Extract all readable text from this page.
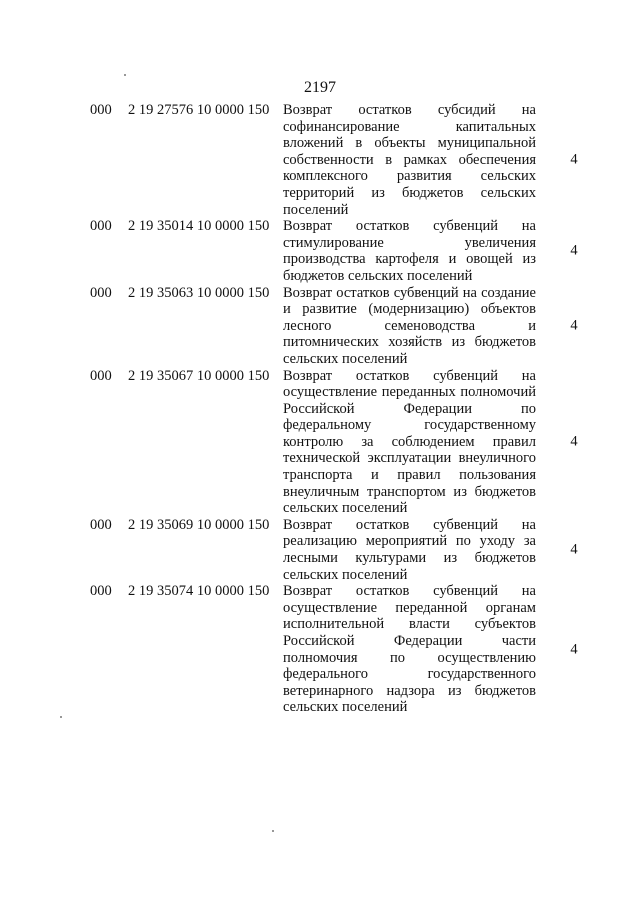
2197
000	2 19 27576 10 0000 150 Возврат остатков субсидий на софинансирование капитальных вложений в объекты муниципальной собственности в рамках обеспечения комплексного развития сельских территорий из бюджетов сельских поселений
4
000	2 19 35014 10 0000 150 Возврат остатков субвенций на стимулирование увеличения производства картофеля и овощей из бюджетов сельских поселений
4
000	2 19 35063 10 0000 150 Возврат остатков субвенций на создание и развитие (модернизацию) объектов лесного семеноводства и питомнических хозяйств из бюджетов сельских поселений
4
000	2 19 35067 10 0000 150 Возврат остатков субвенций на осуществление переданных полномочий Российской Федерации по федеральному государственному контролю за соблюдением правил технической эксплуатации внеуличного транспорта и правил пользования внеуличным транспортом из бюджетов сельских поселений
4
000	2 19 35069 10 0000 150 Возврат остатков субвенций на реализацию мероприятий по уходу за лесными культурами из бюджетов сельских поселений
4
000	2 19 35074 10 0000 150 Возврат остатков субвенций на осуществление переданной органам исполнительной власти субъектов Российской Федерации части полномочия по осуществлению федерального государственного ветеринарного надзора из бюджетов сельских поселений
4
